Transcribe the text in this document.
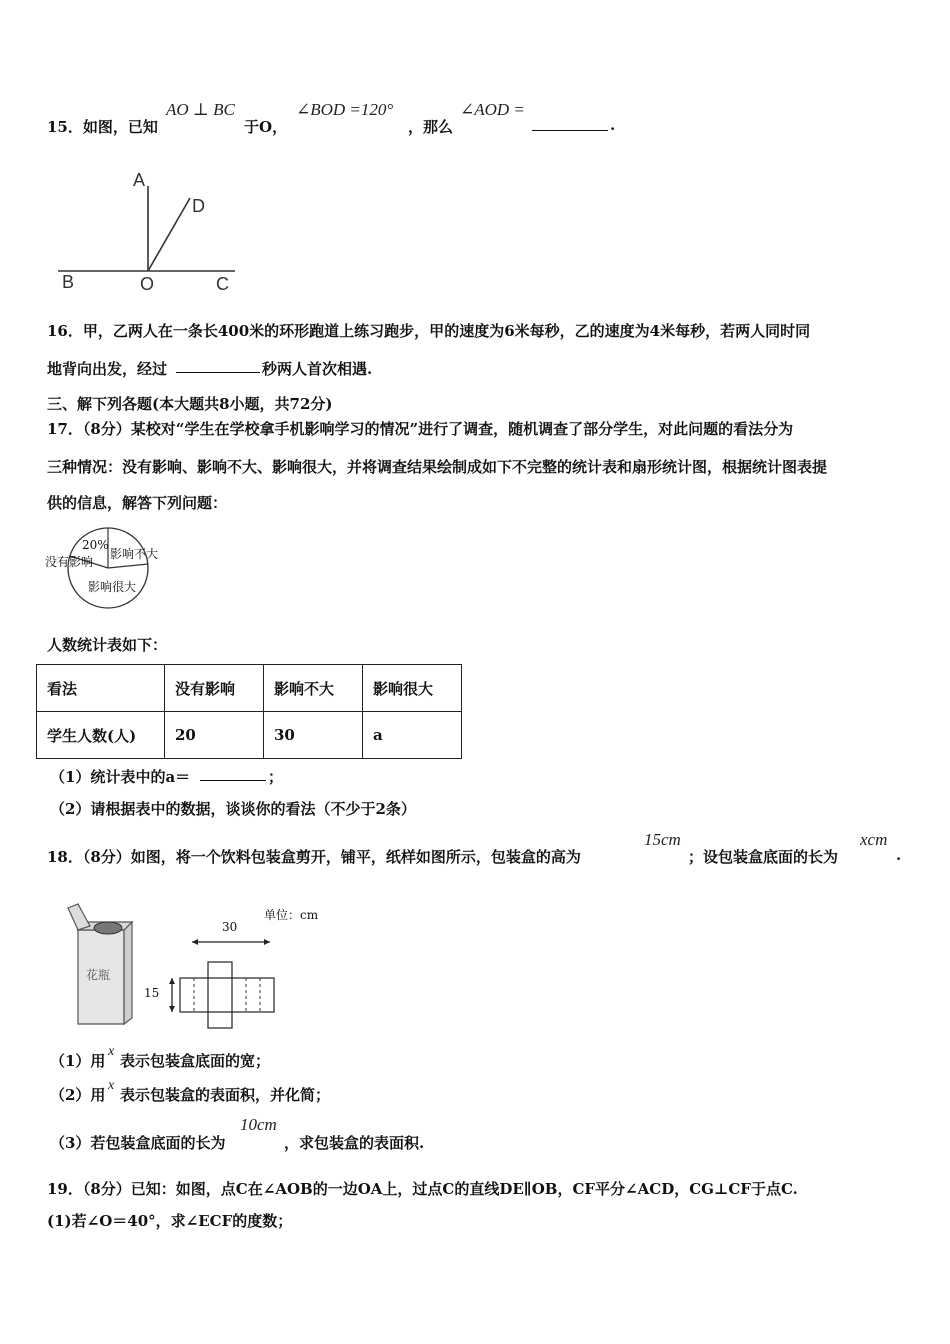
15．如图，已知
AO ⊥ BC
于O，
∠BOD =120°
，那么
∠AOD =
.
A
D
B	O	C
16．甲，乙两人在一条长400米的环形跑道上练习跑步，甲的速度为6米每秒，乙的速度为4米每秒，若两人同时同
地背向出发，经过	秒两人首次相遇.
三、解下列各题(本大题共8小题，共72分)
17．（8分）某校对“学生在学校拿手机影响学习的情况”进行了调查，随机调查了部分学生，对此问题的看法分为
三种情况：没有影响、影响不大、影响很大，并将调查结果绘制成如下不完整的统计表和扇形统计图，根据统计图表提
供的信息，解答下列问题：
20%
没有影响
影响不大
影响很大
人数统计表如下：
看法	没有影响	影响不大	影响很大
学生人数(人)	20	30	a
（1）统计表中的a＝	；
（2）请根据表中的数据，谈谈你的看法（不少于2条）
18．（8分）如图，将一个饮料包装盒剪开，铺平，纸样如图所示，包装盒的高为
15cm
；设包装盒底面的长为
xcm
.
单位：cm
30
15
花瓶
（1）用
x
表示包装盒底面的宽；
（2）用
x
表示包装盒的表面积，并化简；
（3）若包装盒底面的长为
10cm
，求包装盒的表面积.
19．（8分）已知：如图，点C在∠AOB的一边OA上，过点C的直线DE∥OB，CF平分∠ACD，CG⊥CF于点C.
(1)若∠O＝40°，求∠ECF的度数；
